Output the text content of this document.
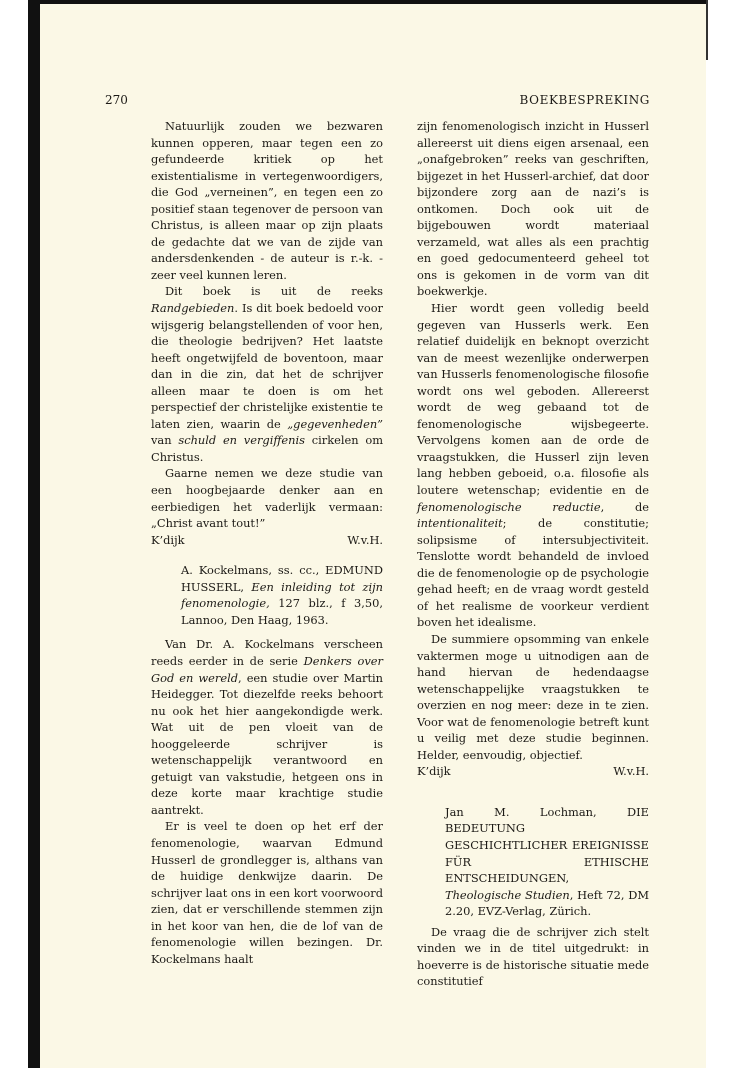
270	BOEKBESPREKING

Natuurlijk zouden we bezwaren kunnen opperen, maar tegen een zo gefundeerde kritiek op het existentialisme in vertegenwoordigers, die God „verneinen”, en tegen een zo positief staan tegenover de persoon van Christus, is alleen maar op zijn plaats de gedachte dat we van de zijde van andersdenkenden - de auteur is r.-k. - zeer veel kunnen leren.

Dit boek is uit de reeks Randgebieden. Is dit boek bedoeld voor wijsgerig belangstellenden of voor hen, die theologie bedrijven? Het laatste heeft ongetwijfeld de boventoon, maar dan in die zin, dat het de schrijver alleen maar te doen is om het perspectief der christelijke existentie te laten zien, waarin de „gegevenheden” van schuld en vergiffenis cirkelen om Christus.

Gaarne nemen we deze studie van een hoogbejaarde denker aan en eerbiedigen het vaderlijk vermaan: „Christ avant tout!”

K’dijk	W.v.H.

A. Kockelmans, ss. cc., EDMUND HUSSERL, Een inleiding tot zijn fenomenologie, 127 blz., f 3,50, Lannoo, Den Haag, 1963.

Van Dr. A. Kockelmans verscheen reeds eerder in de serie Denkers over God en wereld, een studie over Martin Heidegger. Tot diezelfde reeks behoort nu ook het hier aangekondigde werk. Wat uit de pen vloeit van de hooggeleerde schrijver is wetenschappelijk verantwoord en getuigt van vakstudie, hetgeen ons in deze korte maar krachtige studie aantrekt.

Er is veel te doen op het erf der fenomenologie, waarvan Edmund Husserl de grondlegger is, althans van de huidige denkwijze daarin. De schrijver laat ons in een kort voorwoord zien, dat er verschillende stemmen zijn in het koor van hen, die de lof van de fenomenologie willen bezingen. Dr. Kockelmans haalt

zijn fenomenologisch inzicht in Husserl allereerst uit diens eigen arsenaal, een „onafgebroken” reeks van geschriften, bijgezet in het Husserl-archief, dat door bijzondere zorg aan de nazi’s is ontkomen. Doch ook uit de bijgebouwen wordt materiaal verzameld, wat alles als een prachtig en goed gedocumenteerd geheel tot ons is gekomen in de vorm van dit boekwerkje.

Hier wordt geen volledig beeld gegeven van Husserls werk. Een relatief duidelijk en beknopt overzicht van de meest wezenlijke onderwerpen van Husserls fenomenologische filosofie wordt ons wel geboden. Allereerst wordt de weg gebaand tot de fenomenologische wijsbegeerte. Vervolgens komen aan de orde de vraagstukken, die Husserl zijn leven lang hebben geboeid, o.a. filosofie als loutere wetenschap; evidentie en de fenomenologische reductie, de intentionaliteit; de constitutie; solipsisme of intersubjectiviteit. Tenslotte wordt behandeld de invloed die de fenomenologie op de psychologie gehad heeft; en de vraag wordt gesteld of het realisme de voorkeur verdient boven het idealisme.

De summiere opsomming van enkele vaktermen moge u uitnodigen aan de hand hiervan de hedendaagse wetenschappelijke vraagstukken te overzien en nog meer: deze in te zien. Voor wat de fenomenologie betreft kunt u veilig met deze studie beginnen. Helder, eenvoudig, objectief.

K’dijk	W.v.H.

Jan M. Lochman, DIE BEDEUTUNG GESCHICHTLICHER EREIGNISSE FÜR ETHISCHE ENTSCHEIDUNGEN, Theologische Studien, Heft 72, DM 2.20, EVZ-Verlag, Zürich.

De vraag die de schrijver zich stelt vinden we in de titel uitgedrukt: in hoeverre is de historische situatie mede constitutief
